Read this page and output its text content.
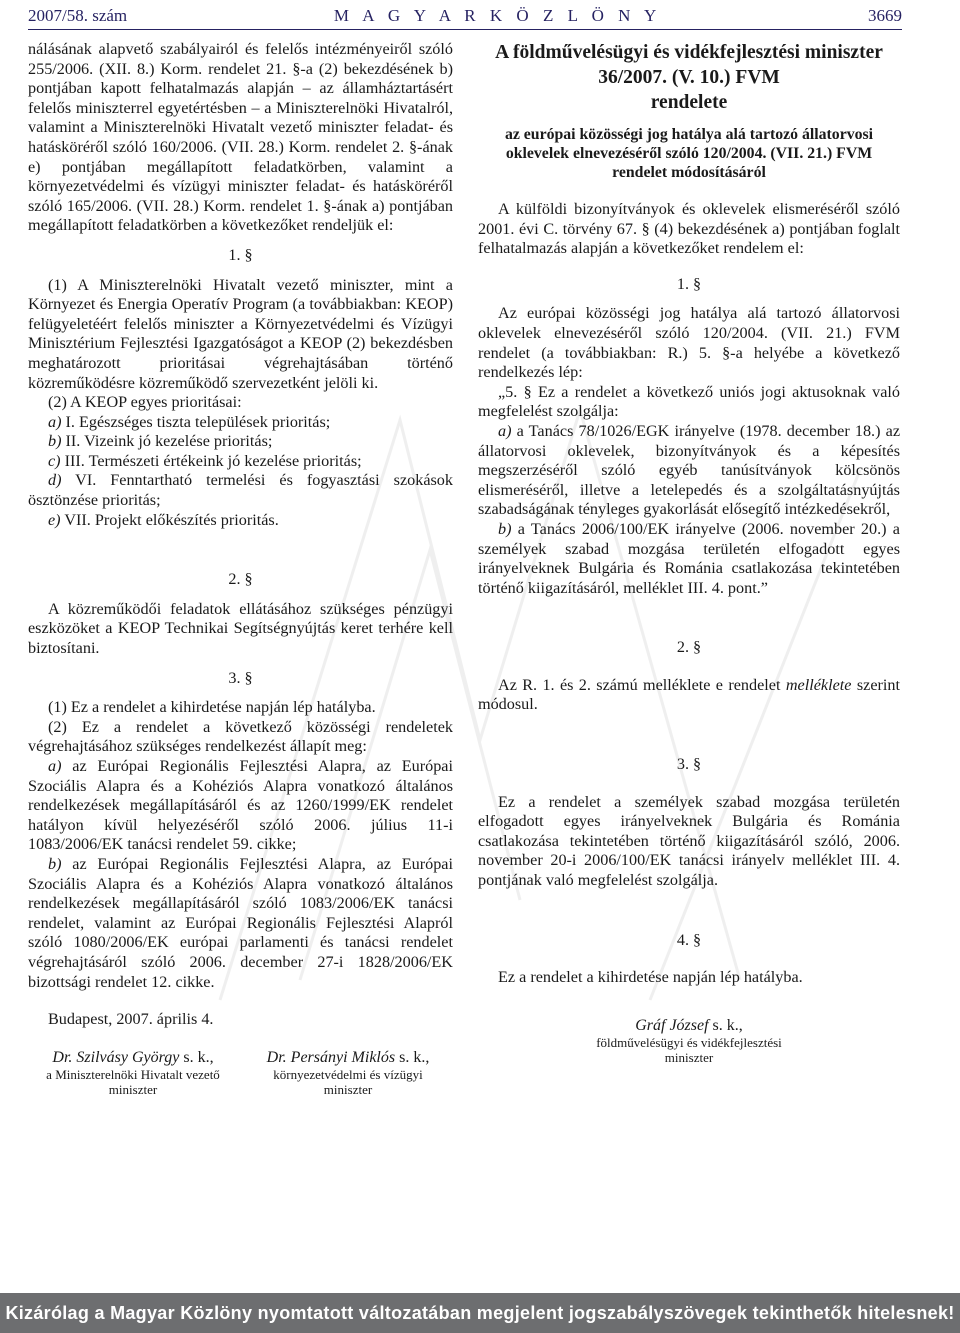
2007/58. szám	M A G Y A R K Ö Z L Ö N Y	3669

nálásának alapvető szabályairól és felelős intézményeiről szóló 255/2006. (XII. 8.) Korm. rendelet 21. §-a (2) bekezdésének b) pontjában kapott felhatalmazás alapján – az államháztartásért felelős miniszterrel egyetértésben – a Miniszterelnöki Hivatalról, valamint a Miniszterelnöki Hivatalt vezető miniszter feladat- és hatásköréről szóló 160/2006. (VII. 28.) Korm. rendelet 2. §-ának e) pontjában megállapított feladatkörben, valamint a környezetvédelmi és vízügyi miniszter feladat- és hatásköréről szóló 165/2006. (VII. 28.) Korm. rendelet 1. §-ának a) pontjában megállapított feladatkörben a következőket rendeljük el:

1. §

(1) A Miniszterelnöki Hivatalt vezető miniszter, mint a Környezet és Energia Operatív Program (a továbbiakban: KEOP) felügyeletéért felelős miniszter a Környezetvédelmi és Vízügyi Minisztérium Fejlesztési Igazgatóságot a KEOP (2) bekezdésben meghatározott prioritásai végrehajtásában történő közreműködésre közreműködő szervezetként jelöli ki.

(2) A KEOP egyes prioritásai:

a) I. Egészséges tiszta települések prioritás;

b) II. Vizeink jó kezelése prioritás;

c) III. Természeti értékeink jó kezelése prioritás;

d) VI. Fenntartható termelési és fogyasztási szokások ösztönzése prioritás;

e) VII. Projekt előkészítés prioritás.

2. §

A közreműködői feladatok ellátásához szükséges pénzügyi eszközöket a KEOP Technikai Segítségnyújtás keret terhére kell biztosítani.

3. §

(1) Ez a rendelet a kihirdetése napján lép hatályba.

(2) Ez a rendelet a következő közösségi rendeletek végrehajtásához szükséges rendelkezést állapít meg:

a) az Európai Regionális Fejlesztési Alapra, az Európai Szociális Alapra és a Kohéziós Alapra vonatkozó általános rendelkezések megállapításáról és az 1260/1999/EK rendelet hatályon kívül helyezéséről szóló 2006. július 11-i 1083/2006/EK tanácsi rendelet 59. cikke;

b) az Európai Regionális Fejlesztési Alapra, az Európai Szociális Alapra és a Kohéziós Alapra vonatkozó általános rendelkezések megállapításáról szóló 1083/2006/EK tanácsi rendelet, valamint az Európai Regionális Fejlesztési Alapról szóló 1080/2006/EK európai parlamenti és tanácsi rendelet végrehajtásáról szóló 2006. december 27-i 1828/2006/EK bizottsági rendelet 12. cikke.

Budapest, 2007. április 4.

Dr. Szilvásy György s. k.,
a Miniszterelnöki Hivatalt vezető
miniszter
Dr. Persányi Miklós s. k.,
környezetvédelmi és vízügyi
miniszter
A földművelésügyi és vidékfejlesztési miniszter
36/2007. (V. 10.) FVM
rendelete
az európai közösségi jog hatálya alá tartozó állatorvosi oklevelek elnevezéséről szóló 120/2004. (VII. 21.) FVM rendelet módosításáról

A külföldi bizonyítványok és oklevelek elismeréséről szóló 2001. évi C. törvény 67. § (4) bekezdésének a) pontjában foglalt felhatalmazás alapján a következőket rendelem el:

1. §

Az európai közösségi jog hatálya alá tartozó állatorvosi oklevelek elnevezéséről szóló 120/2004. (VII. 21.) FVM rendelet (a továbbiakban: R.) 5. §-a helyébe a következő rendelkezés lép:

„5. § Ez a rendelet a következő uniós jogi aktusoknak való megfelelést szolgálja:

a) a Tanács 78/1026/EGK irányelve (1978. december 18.) az állatorvosi oklevelek, bizonyítványok és a képesítés megszerzéséről szóló egyéb tanúsítványok kölcsönös elismeréséről, illetve a letelepedés és a szolgáltatásnyújtás szabadságának tényleges gyakorlását elősegítő intézkedésekről,

b) a Tanács 2006/100/EK irányelve (2006. november 20.) a személyek szabad mozgása területén elfogadott egyes irányelveknek Bulgária és Románia csatlakozása tekintetében történő kiigazításáról, melléklet III. 4. pont.”

2. §

Az R. 1. és 2. számú melléklete e rendelet melléklete szerint módosul.

3. §

Ez a rendelet a személyek szabad mozgása területén elfogadott egyes irányelveknek Bulgária és Románia csatlakozása tekintetében történő kiigazításáról szóló, 2006. november 20-i 2006/100/EK tanácsi irányelv melléklet III. 4. pontjának való megfelelést szolgálja.

4. §

Ez a rendelet a kihirdetése napján lép hatályba.

Gráf József s. k.,
földművelésügyi és vidékfejlesztési
miniszter
Kizárólag a Magyar Közlöny nyomtatott változatában megjelent jogszabályszövegek tekinthetők hitelesnek!
